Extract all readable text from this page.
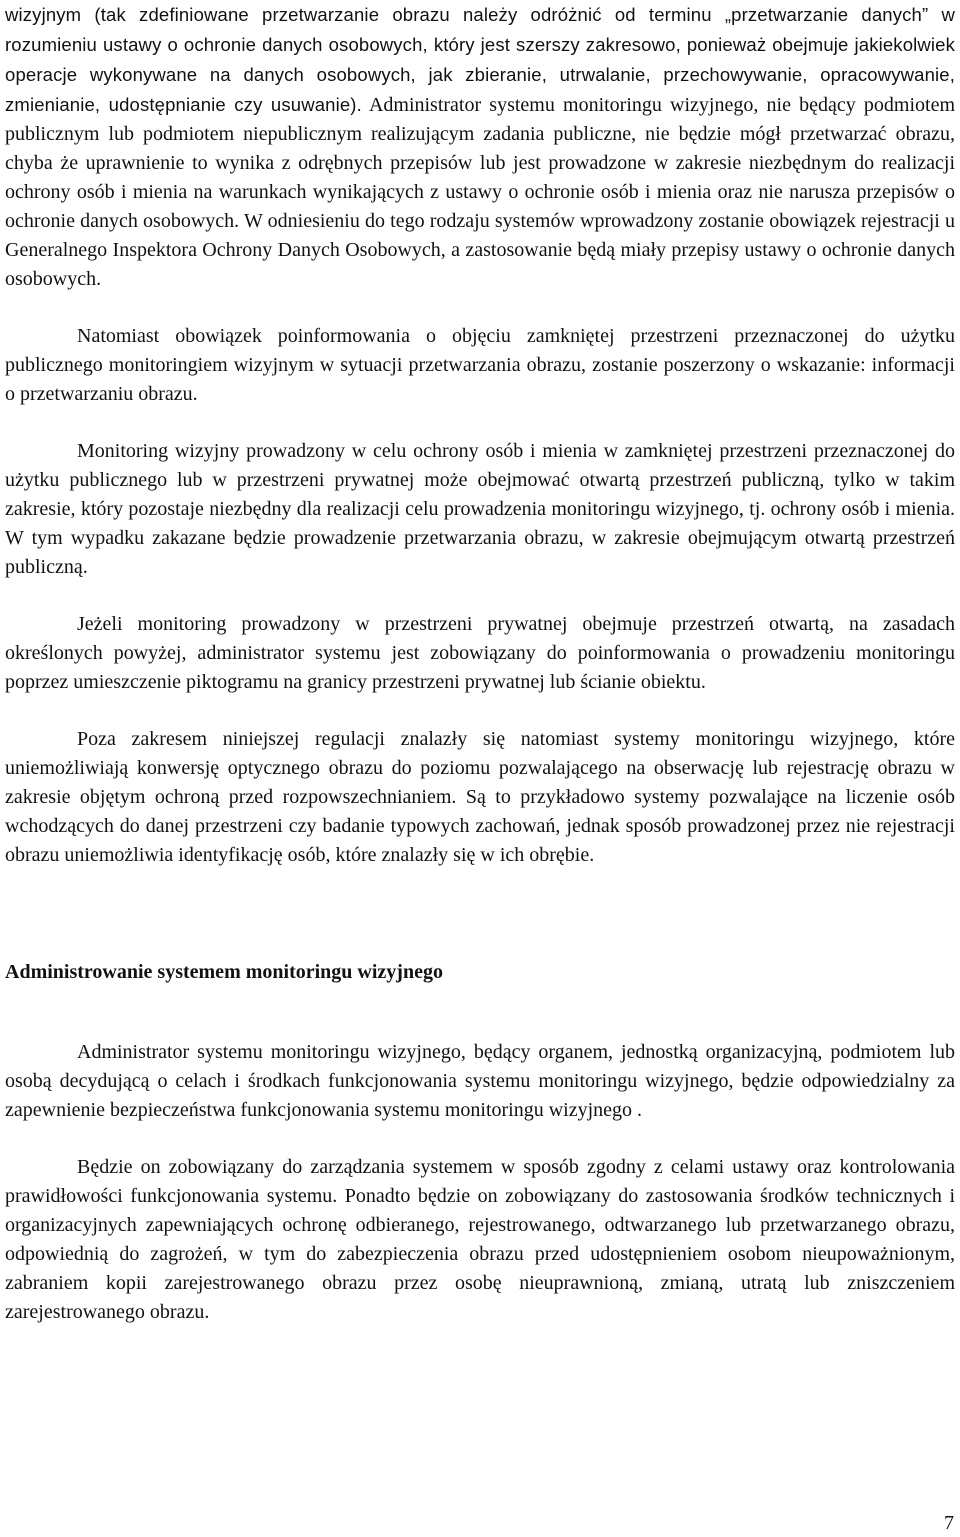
wizyjnym (tak zdefiniowane przetwarzanie obrazu należy odróżnić od terminu „przetwarzanie danych” w rozumieniu ustawy o ochronie danych osobowych, który jest szerszy zakresowo, ponieważ obejmuje jakiekolwiek operacje wykonywane na danych osobowych, jak zbieranie, utrwalanie, przechowywanie, opracowywanie, zmienianie, udostępnianie czy usuwanie). Administrator systemu monitoringu wizyjnego, nie będący podmiotem publicznym lub podmiotem niepublicznym realizującym zadania publiczne, nie będzie mógł przetwarzać obrazu, chyba że uprawnienie to wynika z odrębnych przepisów lub jest prowadzone w zakresie niezbędnym do realizacji ochrony osób i mienia na warunkach wynikających z ustawy o ochronie osób i mienia oraz nie narusza przepisów o ochronie danych osobowych. W odniesieniu do tego rodzaju systemów wprowadzony zostanie obowiązek rejestracji u Generalnego Inspektora Ochrony Danych Osobowych, a zastosowanie będą miały przepisy ustawy o ochronie danych osobowych.

Natomiast obowiązek poinformowania o objęciu zamkniętej przestrzeni przeznaczonej do użytku publicznego monitoringiem wizyjnym w sytuacji przetwarzania obrazu, zostanie poszerzony o wskazanie: informacji o przetwarzaniu obrazu.

Monitoring wizyjny prowadzony w celu ochrony osób i mienia w zamkniętej przestrzeni przeznaczonej do użytku publicznego lub w przestrzeni prywatnej może obejmować otwartą przestrzeń publiczną, tylko w takim zakresie, który pozostaje niezbędny dla realizacji celu prowadzenia monitoringu wizyjnego, tj. ochrony osób i mienia. W tym wypadku zakazane będzie prowadzenie przetwarzania obrazu, w zakresie obejmującym otwartą przestrzeń publiczną.

Jeżeli monitoring prowadzony w przestrzeni prywatnej obejmuje przestrzeń otwartą, na zasadach określonych powyżej, administrator systemu jest zobowiązany do poinformowania o prowadzeniu monitoringu poprzez umieszczenie piktogramu na granicy przestrzeni prywatnej lub ścianie obiektu.

Poza zakresem niniejszej regulacji znalazły się natomiast systemy monitoringu wizyjnego, które uniemożliwiają konwersję optycznego obrazu do poziomu pozwalającego na obserwację lub rejestrację obrazu w zakresie objętym ochroną przed rozpowszechnianiem. Są to przykładowo systemy pozwalające na liczenie osób wchodzących do danej przestrzeni czy badanie typowych zachowań, jednak sposób prowadzonej przez nie rejestracji obrazu uniemożliwia identyfikację osób, które znalazły się w ich obrębie.

Administrowanie systemem monitoringu wizyjnego

Administrator systemu monitoringu wizyjnego, będący organem, jednostką organizacyjną, podmiotem lub osobą decydującą o celach i środkach funkcjonowania systemu monitoringu wizyjnego, będzie odpowiedzialny za zapewnienie bezpieczeństwa funkcjonowania systemu monitoringu wizyjnego .

Będzie on zobowiązany do zarządzania systemem w sposób zgodny z celami ustawy oraz kontrolowania prawidłowości funkcjonowania systemu. Ponadto będzie on zobowiązany do zastosowania środków technicznych i organizacyjnych zapewniających ochronę odbieranego, rejestrowanego, odtwarzanego lub przetwarzanego obrazu, odpowiednią do zagrożeń, w tym do zabezpieczenia obrazu przed udostępnieniem osobom nieupoważnionym, zabraniem kopii zarejestrowanego obrazu przez osobę nieuprawnioną, zmianą, utratą lub zniszczeniem zarejestrowanego obrazu.

7
